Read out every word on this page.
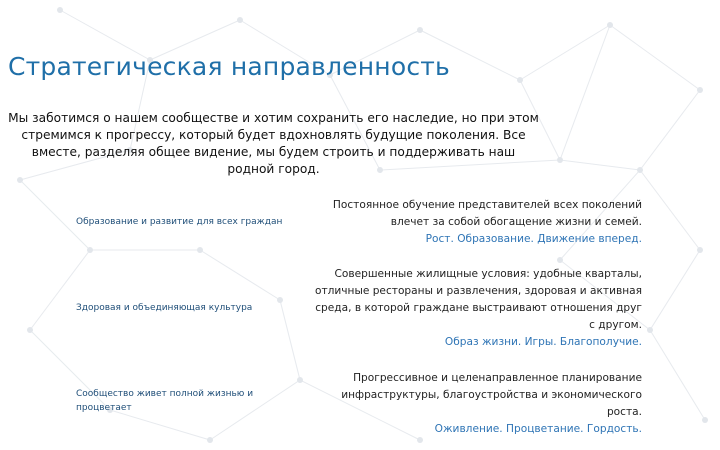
Стратегическая направленность
Мы заботимся о нашем сообществе и хотим сохранить его наследие, но при этом
стремимся к прогрессу, который будет вдохновлять будущие поколения. Все
вместе, разделяя общее видение, мы будем строить и поддерживать наш
родной город.
Образование и развитие для всех граждан
Постоянное обучение представителей всех поколений
влечет за собой обогащение жизни и семей.
Рост. Образование. Движение вперед.
Здоровая и объединяющая культура
Совершенные жилищные условия: удобные кварталы,
отличные рестораны и развлечения, здоровая и активная
среда, в которой граждане выстраивают отношения друг
с другом.
Образ жизни. Игры. Благополучие.
Сообщество живет полной жизнью и
процветает
Прогрессивное и целенаправленное планирование
инфраструктуры, благоустройства и экономического
роста.
Оживление. Процветание. Гордость.
